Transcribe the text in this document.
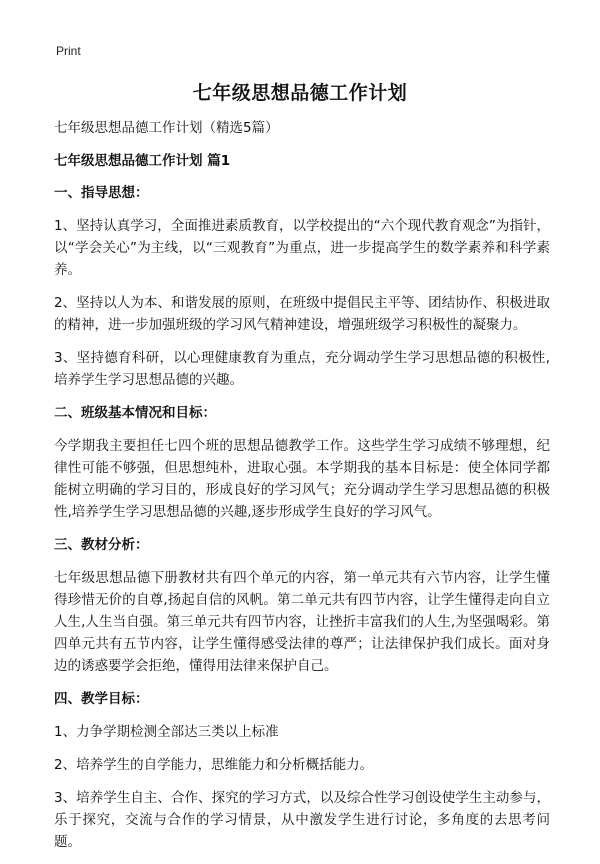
Print

七年级思想品德工作计划

七年级思想品德工作计划（精选5篇）

七年级思想品德工作计划 篇1

一、指导思想：

1、坚持认真学习，全面推进素质教育，以学校提出的“六个现代教育观念”为指针，以“学会关心”为主线，以“三观教育”为重点，进一步提高学生的数学素养和科学素养。

2、坚持以人为本、和谐发展的原则，在班级中提倡民主平等、团结协作、积极进取的精神，进一步加强班级的学习风气精神建设，增强班级学习积极性的凝聚力。

3、坚持德育科研，以心理健康教育为重点，充分调动学生学习思想品德的积极性,培养学生学习思想品德的兴趣。

二、班级基本情况和目标：

今学期我主要担任七四个班的思想品德教学工作。这些学生学习成绩不够理想，纪律性可能不够强，但思想纯朴，进取心强。本学期我的基本目标是：使全体同学都能树立明确的学习目的，形成良好的学习风气；充分调动学生学习思想品德的积极性,培养学生学习思想品德的兴趣,逐步形成学生良好的学习风气。

三、教材分析：

七年级思想品德下册教材共有四个单元的内容，第一单元共有六节内容，让学生懂得珍惜无价的自尊,扬起自信的风帆。第二单元共有四节内容，让学生懂得走向自立人生,人生当自强。第三单元共有四节内容，让挫折丰富我们的人生,为坚强喝彩。第四单元共有五节内容，让学生懂得感受法律的尊严；让法律保护我们成长。面对身边的诱惑要学会拒绝，懂得用法律来保护自己。

四、教学目标：

1、力争学期检测全部达三类以上标准

2、培养学生的自学能力，思维能力和分析概括能力。

3、培养学生自主、合作、探究的学习方式，以及综合性学习创设使学生主动参与，乐于探究，交流与合作的学习情景，从中激发学生进行讨论，多角度的去思考问题。
